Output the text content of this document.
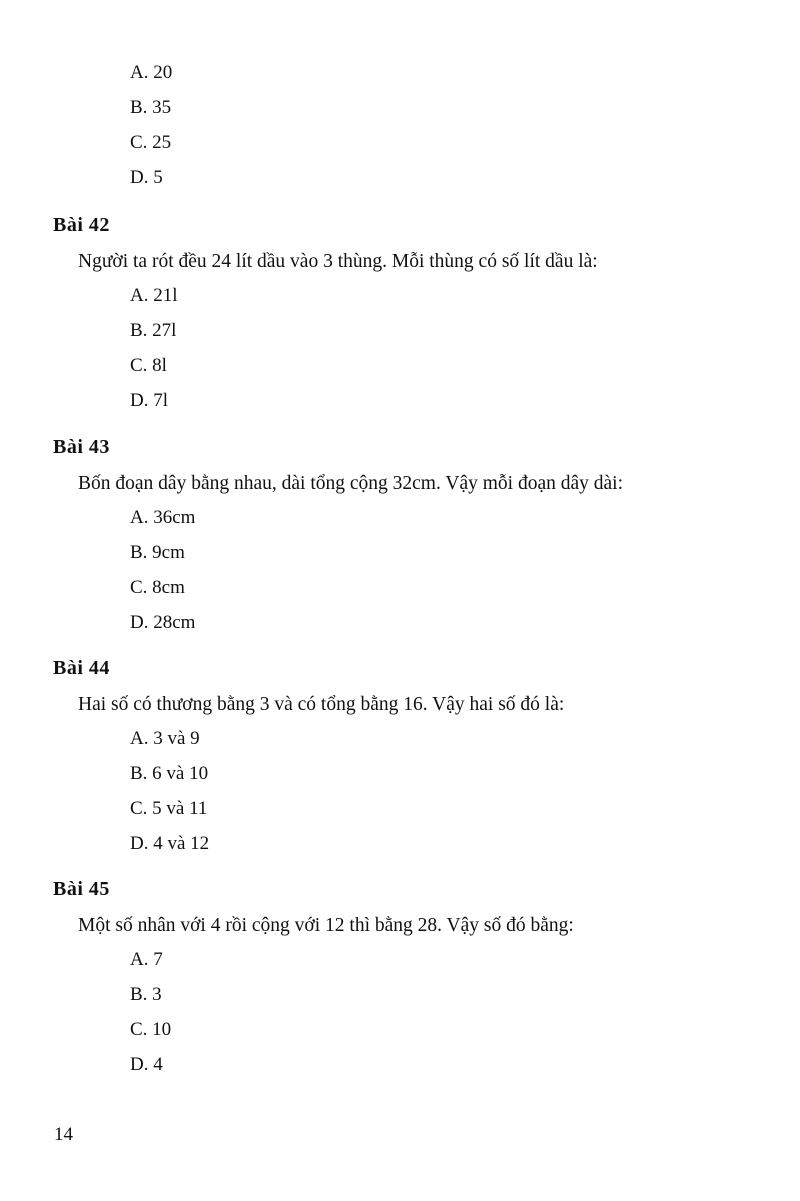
A. 20
B. 35
C. 25
D. 5
Bài 42
Người ta rót đều 24 lít dầu vào 3 thùng. Mỗi thùng có số lít dầu là:
A. 21l
B. 27l
C. 8l
D. 7l
Bài 43
Bốn đoạn dây bằng nhau, dài tổng cộng 32cm. Vậy mỗi đoạn dây dài:
A. 36cm
B. 9cm
C. 8cm
D. 28cm
Bài 44
Hai số có thương bằng 3 và có tổng bằng 16. Vậy hai số đó là:
A. 3 và 9
B. 6 và 10
C. 5 và 11
D. 4 và 12
Bài 45
Một số nhân với 4 rồi cộng với 12 thì bằng 28. Vậy số đó bằng:
A. 7
B. 3
C. 10
D. 4
14
